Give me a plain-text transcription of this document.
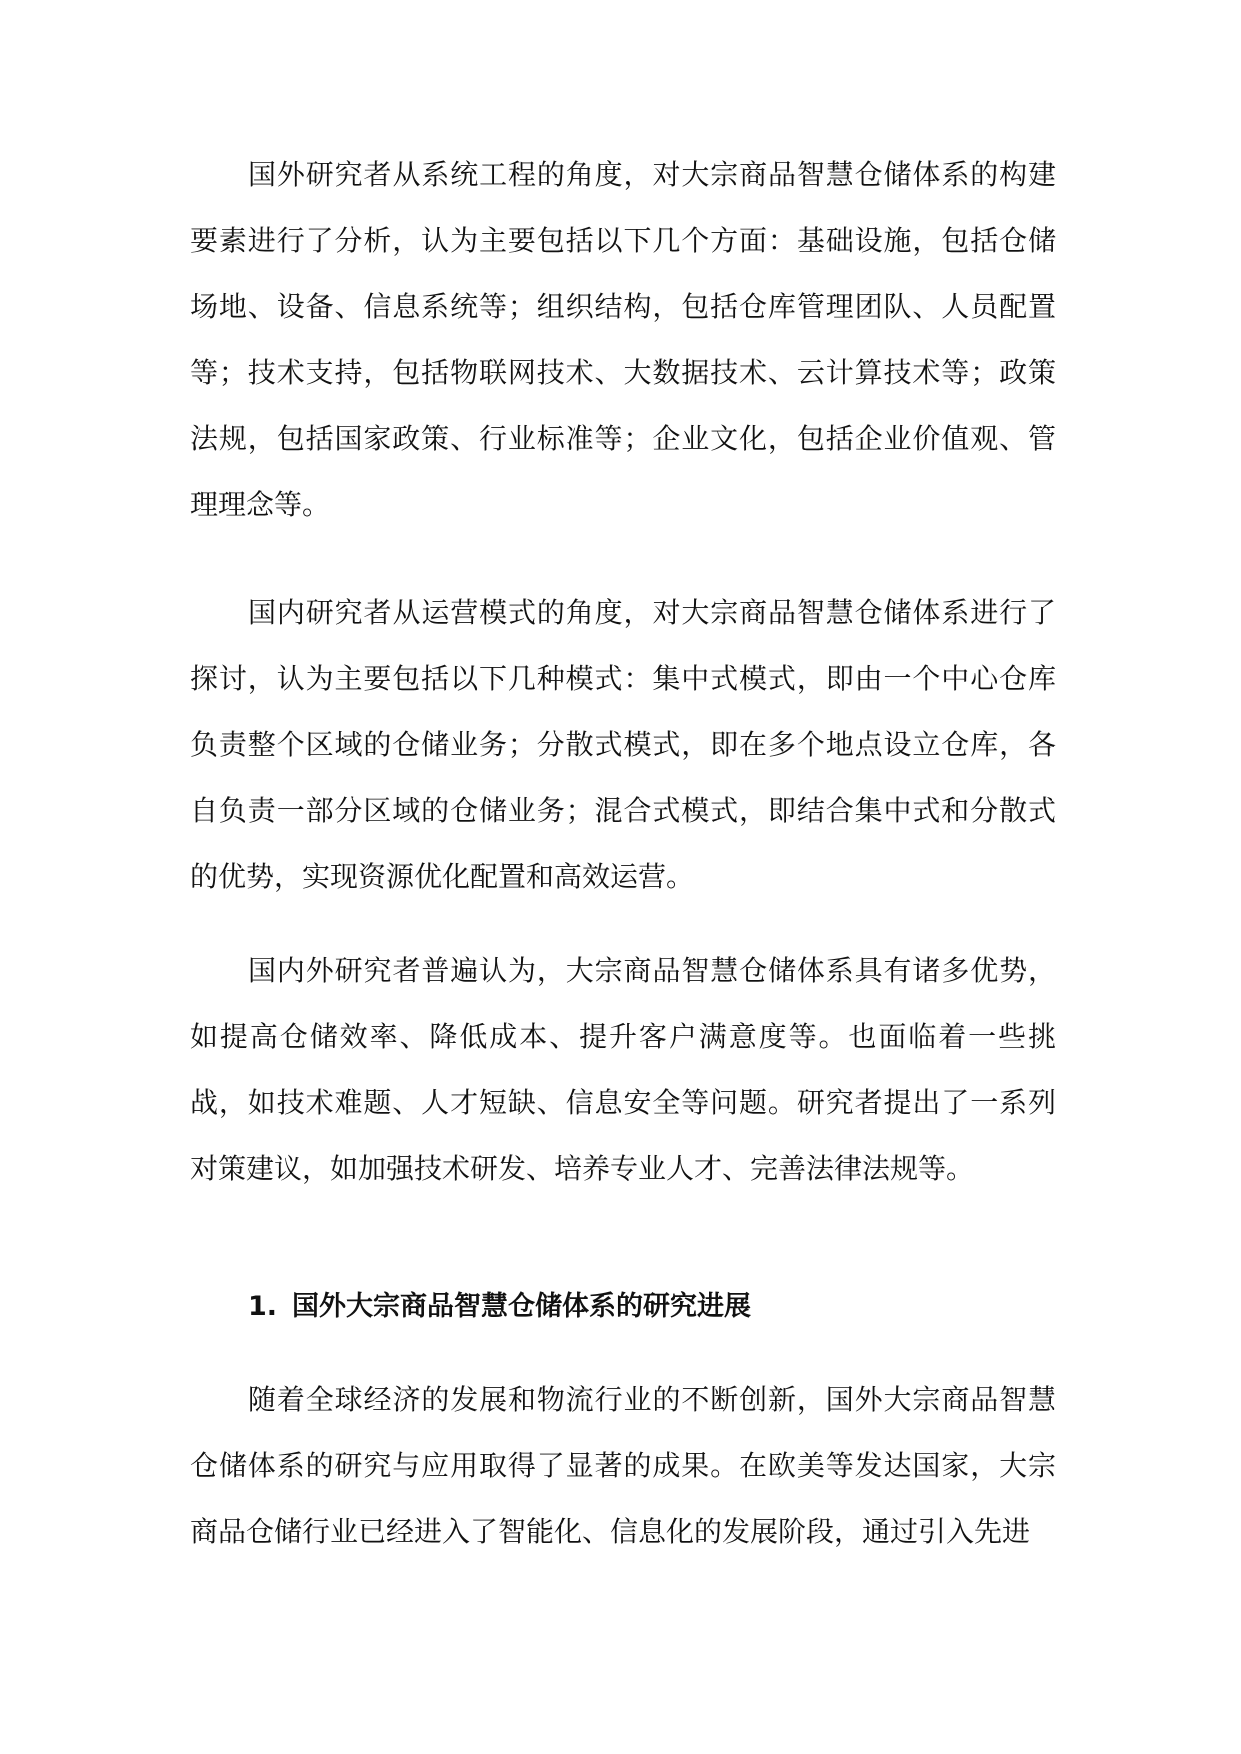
国外研究者从系统工程的角度，对大宗商品智慧仓储体系的构建要素进行了分析，认为主要包括以下几个方面：基础设施，包括仓储场地、设备、信息系统等；组织结构，包括仓库管理团队、人员配置等；技术支持，包括物联网技术、大数据技术、云计算技术等；政策法规，包括国家政策、行业标准等；企业文化，包括企业价值观、管理理念等。

国内研究者从运营模式的角度，对大宗商品智慧仓储体系进行了探讨，认为主要包括以下几种模式：集中式模式，即由一个中心仓库负责整个区域的仓储业务；分散式模式，即在多个地点设立仓库，各自负责一部分区域的仓储业务；混合式模式，即结合集中式和分散式的优势，实现资源优化配置和高效运营。

国内外研究者普遍认为，大宗商品智慧仓储体系具有诸多优势，如提高仓储效率、降低成本、提升客户满意度等。也面临着一些挑战，如技术难题、人才短缺、信息安全等问题。研究者提出了一系列对策建议，如加强技术研发、培养专业人才、完善法律法规等。

1. 国外大宗商品智慧仓储体系的研究进展

随着全球经济的发展和物流行业的不断创新，国外大宗商品智慧仓储体系的研究与应用取得了显著的成果。在欧美等发达国家，大宗商品仓储行业已经进入了智能化、信息化的发展阶段，通过引入先进
